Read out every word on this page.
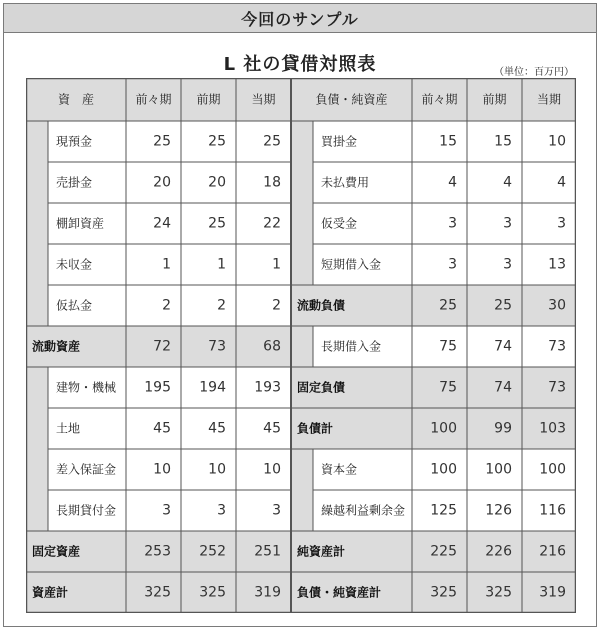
今回のサンプル
L 社の貸借対照表	（単位：百万円）
資　産	前々期 前期	当期
現預金	25	25	25
売掛金	20	20	18
棚卸資産	24	25	22
未収金	1	1	1
仮払金	2	2	2
流動資産	72	73	68
建物・機械 195 194 193
土地	45	45	45
差入保証金	10	10	10
長期貸付金	3	3	3
固定資産	253 252 251
資産計	325 325 319
負債・純資産	前々期 前期	当期
買掛金	15	15	10
未払費用	4	4	4
仮受金	3	3	3
短期借入金	3	3	13
流動負債	25	25	30
長期借入金	75	74	73
固定負債	75	74	73
負債計	100	99 103
資本金	100 100 100
繰越利益剰余金 125 126 116
純資産計	225 226 216
負債・純資産計	325 325 319
